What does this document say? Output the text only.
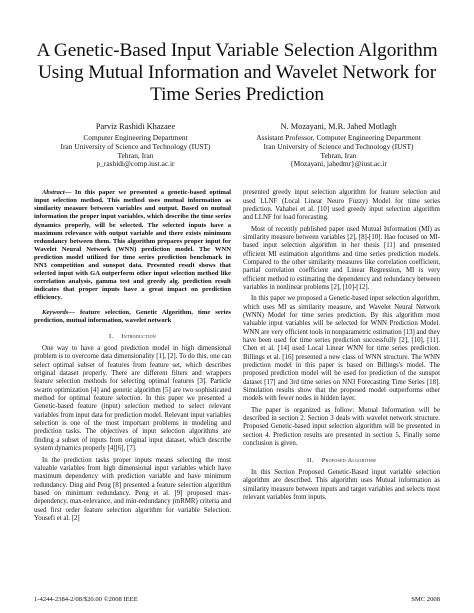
A Genetic-Based Input Variable Selection Algorithm Using Mutual Information and Wavelet Network for Time Series Prediction
Parviz Rashidi Khazaee
Computer Engineering Department
Iran University of Science and Technology (IUST)
Tehran, Iran
p_rashidi@comp.iust.ac.ir
N. Mozayani, M.R. Jahed Motlagh
Assistant Professor, Computer Engineering Department
Iran University of Science and Technology (IUST)
Tehran, Iran
{Mozayani, jahedmr}@iust.ac.ir

Abstract— In this paper we presented a genetic-based optimal input selection method. This method uses mutual information as similarity measure between variables and output. Based on mutual information the proper input variables, which describe the time series dynamics properly, will be selected. The selected inputs have a maximum relevance with output variable and there exists minimum redundancy between them. This algorithm prepares proper input for Wavelet Neural Network (WNN) prediction model. The WNN prediction model utilized for time series prediction benchmark in NN3 competition and sunspot data. Presented result shows that selected input with GA outperform other input selection method like correlation analysis, gamma test and greedy alg. prediction result indicates that proper inputs have a great impact on prediction efficiency.

Keywords— feature selection, Genetic Algorithm, time series prediction, mutual information, wavelet network

I. Introduction

One way to have a good prediction model in high dimensional problem is to overcome data dimensionality [1], [2]. To do this, one can select optimal subset of features from feature set, which describes original dataset properly. There are different filters and wrappers feature selection methods for selecting optimal features [3]. Particle swarm optimization [4] and genetic algorithm [5] are two sophisticated method for optimal feature selection. In this paper we presented a Genetic-based feature (input) selection method to select relevant variables from input data for prediction model. Relevant input variables selection is one of the most important problems in modeling and prediction tasks. The objectives of input selection algorithms are finding a subset of inputs from original input dataset, which describe system dynamics properly [4][6], [7].

In the prediction tasks proper inputs means selecting the most valuable variables from high dimensional input variables which have maximum dependency with prediction variable and have minimum redundancy. Ding and Peng [8] presented a feature selection algorithm based on minimum redundancy. Peng et al. [9] proposed max-dependency, max-relevance, and min-redundancy (mRMR) criteria and used first order feature selection algorithm for variable Selection. Yousefi et al. [2]

presented greedy input selection algorithm for feature selection and used LLNF (Local Linear Neuro Fuzzy) Model for time series prediction. Vahabei et al. [10] used greedy input selection algorithm and LLNF for load forecasting.

Most of recently published paper used Mutual Information (MI) as similarity measure between variables [2], [8]-[10]. Hao focused on MI-based input selection algorithm in her thesis [11] and presented efficient MI estimation algorithms and time series prediction models. Compared to the other similarity measures like correlation coefficient, partial correlation coefficient and Linear Regression, MI is very efficient method to estimating the dependency and redundancy between variables in nonlinear problems [2], [10]-[12].

In this paper we proposed a Genetic-based input selection algorithm, which uses MI as similarity measure, and Wavelet Neural Network (WNN) Model for time series prediction. By this algorithm most valuable input variables will be selected for WNN Prediction Model. WNN are very efficient tools in nonparametric estimation [13] and they have been used for time series prediction successfully [2], [10], [11]. Chen et al. [14] used Local Linear WNN for time series prediction. Billings et al. [16] presented a new class of WNN structure. The WNN prediction model in this paper is based on Billings's model. The proposed prediction model will be used for prediction of the sunspot dataset [17] and 3rd time series on NN3 Forecasting Time Series [18]. Simulation results show that the proposed model outperforms other models with fewer nodes in hidden layer.

The paper is organized as follow: Mutual Information will be described in section 2. Section 3 deals with wavelet network structure. Proposed Genetic-based input selection algorithm will be presented in section 4. Prediction results are presented in section 5. Finally some conclusion is given.

II. Proposed Algorithm

In this Section Proposed Genetic-Based input variable selection algorithm are described. This algorithm uses Mutual information as similarity measure between inputs and target variables and selects most relevant variables from inputs.

1-4244-2384-2/08/$20.00 ©2008 IEEE	SMC 2008
